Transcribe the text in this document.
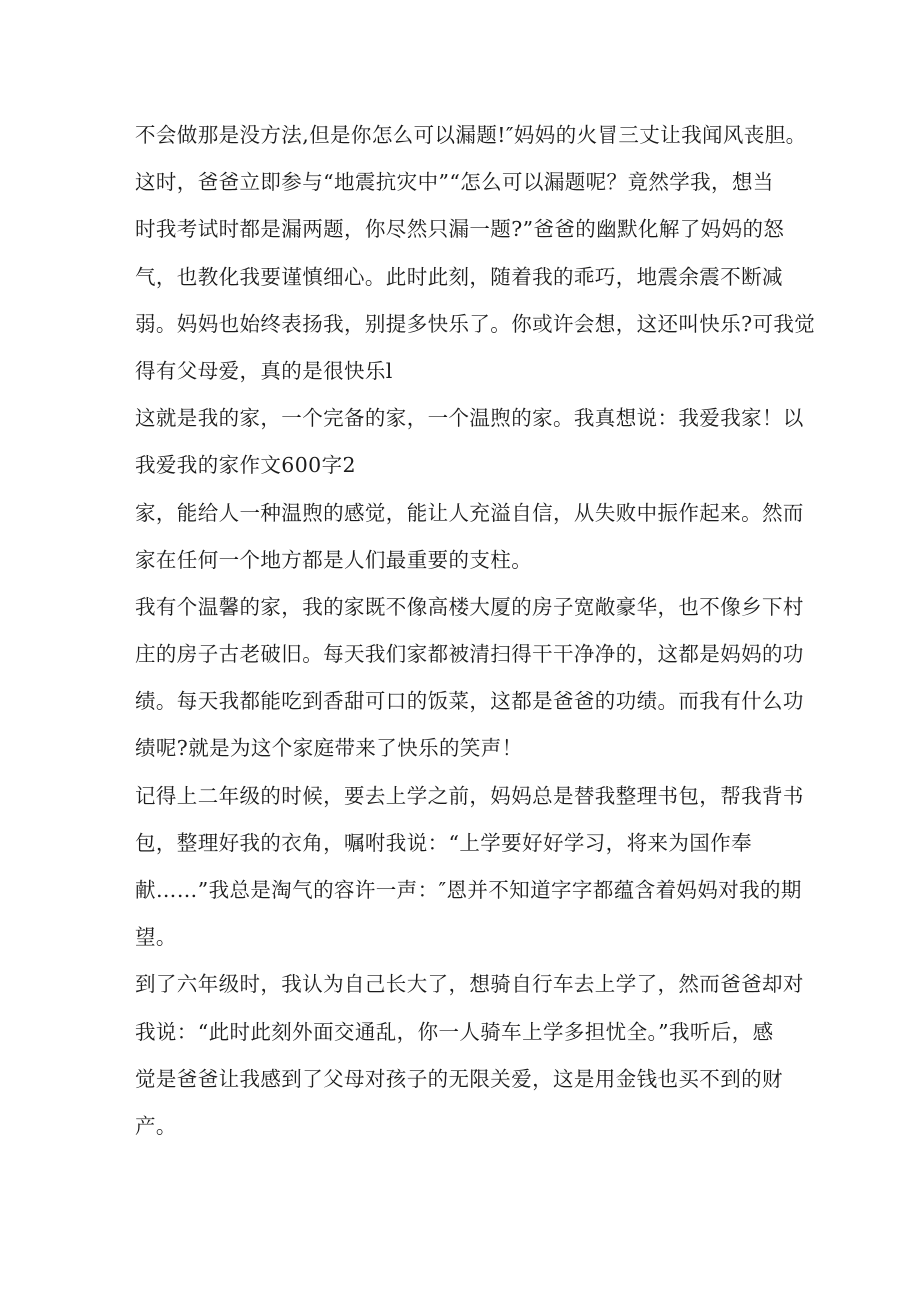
不会做那是没方法,但是你怎么可以漏题!″妈妈的火冒三丈让我闻风丧胆。
这时，爸爸立即参与“地震抗灾中”“怎么可以漏题呢？竟然学我，想当
时我考试时都是漏两题，你尽然只漏一题?”爸爸的幽默化解了妈妈的怒
气，也教化我要谨慎细心。此时此刻，随着我的乖巧，地震余震不断减
弱。妈妈也始终表扬我，别提多快乐了。你或许会想，这还叫快乐?可我觉
得有父母爱，真的是很快乐l
这就是我的家，一个完备的家，一个温煦的家。我真想说：我爱我家！以
我爱我的家作文600字2
家，能给人一种温煦的感觉，能让人充溢自信，从失败中振作起来。然而
家在任何一个地方都是人们最重要的支柱。
我有个温馨的家，我的家既不像高楼大厦的房子宽敞豪华，也不像乡下村
庄的房子古老破旧。每天我们家都被清扫得干干净净的，这都是妈妈的功
绩。每天我都能吃到香甜可口的饭菜，这都是爸爸的功绩。而我有什么功
绩呢?就是为这个家庭带来了快乐的笑声！
记得上二年级的时候，要去上学之前，妈妈总是替我整理书包，帮我背书
包，整理好我的衣角，嘱咐我说：“上学要好好学习，将来为国作奉
献……”我总是淘气的容许一声：″恩并不知道字字都蕴含着妈妈对我的期
望。
到了六年级时，我认为自己长大了，想骑自行车去上学了，然而爸爸却对
我说：“此时此刻外面交通乱，你一人骑车上学多担忧全。”我听后，感
觉是爸爸让我感到了父母对孩子的无限关爱，这是用金钱也买不到的财
产。
